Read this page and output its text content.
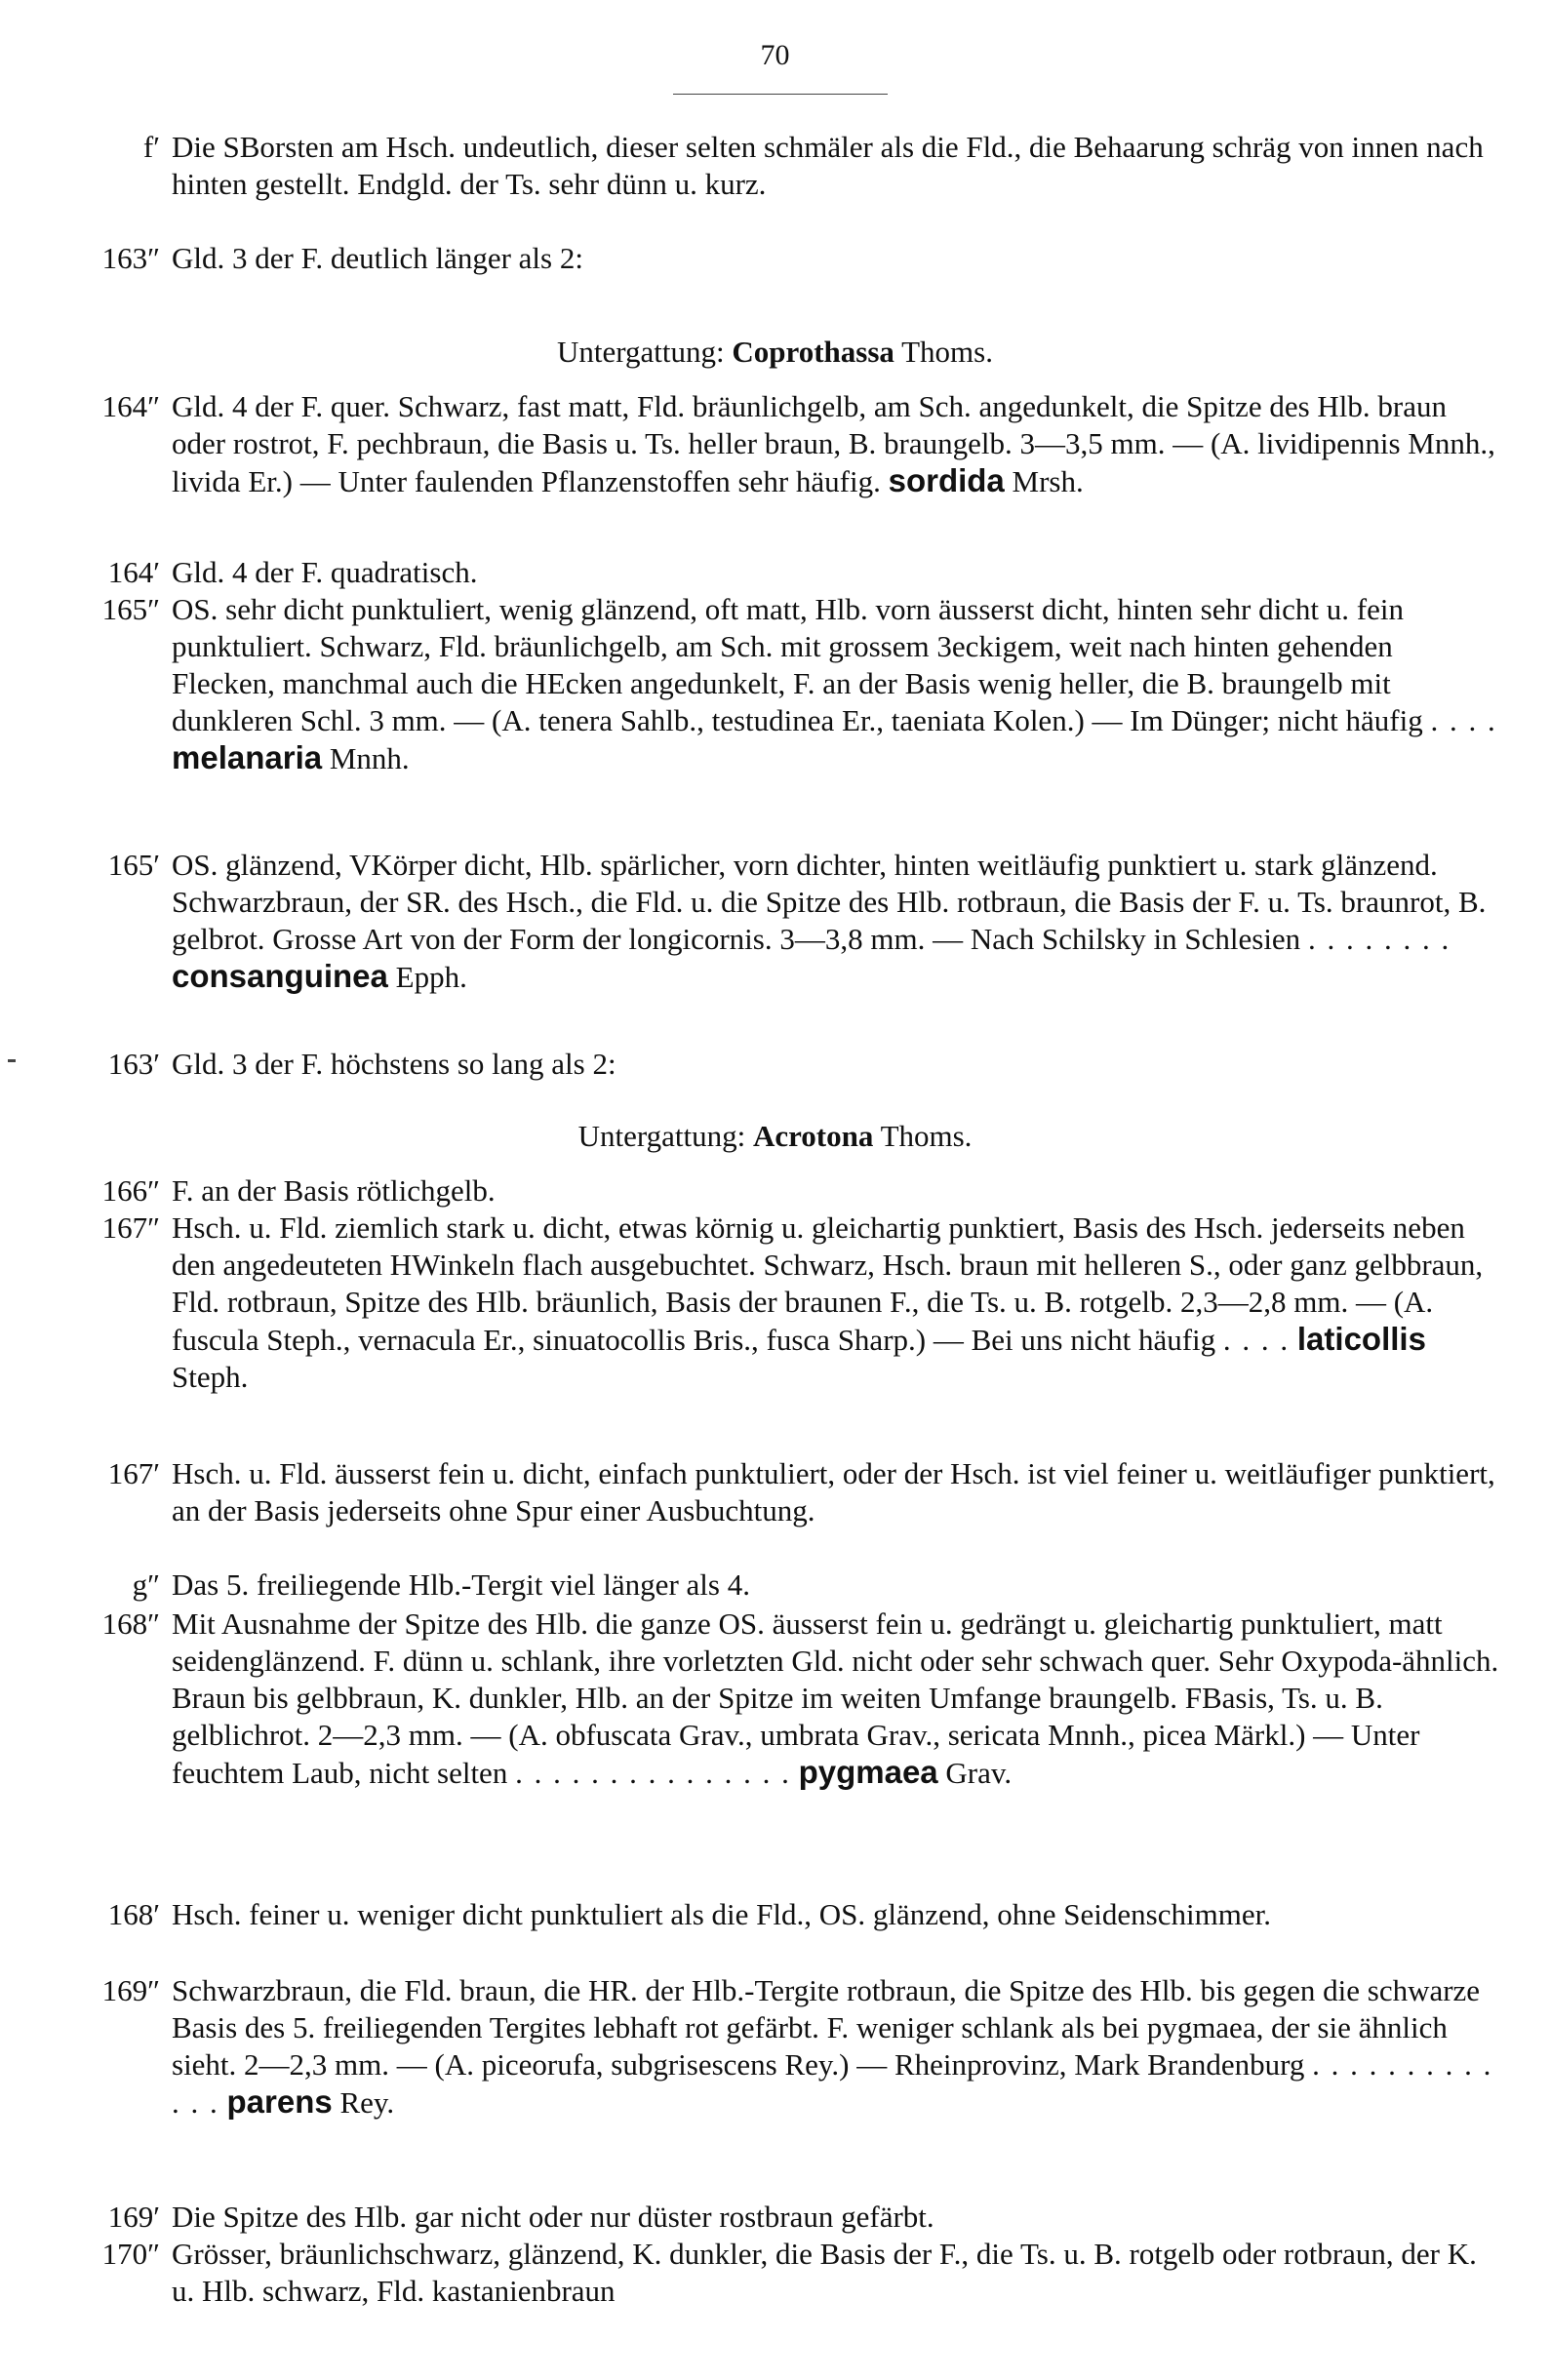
70
f′ Die SBorsten am Hsch. undeutlich, dieser selten schmäler als die Fld., die Behaarung schräg von innen nach hinten gestellt. Endgld. der Ts. sehr dünn u. kurz.
163″ Gld. 3 der F. deutlich länger als 2:
Untergattung: Coprothassa Thoms.
164″ Gld. 4 der F. quer. Schwarz, fast matt, Fld. bräunlichgelb, am Sch. angedunkelt, die Spitze des Hlb. braun oder rostrot, F. pechbraun, die Basis u. Ts. heller braun, B. braungelb. 3—3,5 mm. — (A. lividipennis Mnnh., livida Er.) — Unter faulenden Pflanzenstoffen sehr häufig. sordida Mrsh.
164′ Gld. 4 der F. quadratisch.
165″ OS. sehr dicht punktuliert, wenig glänzend, oft matt, Hlb. vorn äusserst dicht, hinten sehr dicht u. fein punktuliert. Schwarz, Fld. bräunlichgelb, am Sch. mit grossem 3eckigem, weit nach hinten gehenden Flecken, manchmal auch die HEcken angedunkelt, F. an der Basis wenig heller, die B. braungelb mit dunkleren Schl. 3 mm. — (A. tenera Sahlb., testudinea Er., taeniata Kolen.) — Im Dünger; nicht häufig . . . . melanaria Mnnh.
165′ OS. glänzend, VKörper dicht, Hlb. spärlicher, vorn dichter, hinten weitläufig punktiert u. stark glänzend. Schwarzbraun, der SR. des Hsch., die Fld. u. die Spitze des Hlb. rotbraun, die Basis der F. u. Ts. braunrot, B. gelbrot. Grosse Art von der Form der longicornis. 3—3,8 mm. — Nach Schilsky in Schlesien . . . . . . . . consanguinea Epph.
163′ Gld. 3 der F. höchstens so lang als 2:
Untergattung: Acrotona Thoms.
166″ F. an der Basis rötlichgelb.
167″ Hsch. u. Fld. ziemlich stark u. dicht, etwas körnig u. gleichartig punktiert, Basis des Hsch. jederseits neben den angedeuteten HWinkeln flach ausgebuchtet. Schwarz, Hsch. braun mit helleren S., oder ganz gelbbraun, Fld. rotbraun, Spitze des Hlb. bräunlich, Basis der braunen F., die Ts. u. B. rotgelb. 2,3—2,8 mm. — (A. fuscula Steph., vernacula Er., sinuatocollis Bris., fusca Sharp.) — Bei uns nicht häufig . . . . laticollis Steph.
167′ Hsch. u. Fld. äusserst fein u. dicht, einfach punktuliert, oder der Hsch. ist viel feiner u. weitläufiger punktiert, an der Basis jederseits ohne Spur einer Ausbuchtung.
g″ Das 5. freiliegende Hlb.-Tergit viel länger als 4.
168″ Mit Ausnahme der Spitze des Hlb. die ganze OS. äusserst fein u. gedrängt u. gleichartig punktuliert, matt seidenglänzend. F. dünn u. schlank, ihre vorletzten Gld. nicht oder sehr schwach quer. Sehr Oxypoda-ähnlich. Braun bis gelbbraun, K. dunkler, Hlb. an der Spitze im weiten Umfange braungelb. FBasis, Ts. u. B. gelblichrot. 2—2,3 mm. — (A. obfuscata Grav., umbrata Grav., sericata Mnnh., picea Märkl.) — Unter feuchtem Laub, nicht selten . . . . . . . . . . . . . . . pygmaea Grav.
168′ Hsch. feiner u. weniger dicht punktuliert als die Fld., OS. glänzend, ohne Seidenschimmer.
169″ Schwarzbraun, die Fld. braun, die HR. der Hlb.-Tergite rotbraun, die Spitze des Hlb. bis gegen die schwarze Basis des 5. freiliegenden Tergites lebhaft rot gefärbt. F. weniger schlank als bei pygmaea, der sie ähnlich sieht. 2—2,3 mm. — (A. piceorufa, subgrisescens Rey.) — Rheinprovinz, Mark Brandenburg . . . . . . . . . . . . . parens Rey.
169′ Die Spitze des Hlb. gar nicht oder nur düster rostbraun gefärbt.
170″ Grösser, bräunlichschwarz, glänzend, K. dunkler, die Basis der F., die Ts. u. B. rotgelb oder rotbraun, der K. u. Hlb. schwarz, Fld. kastanienbraun
